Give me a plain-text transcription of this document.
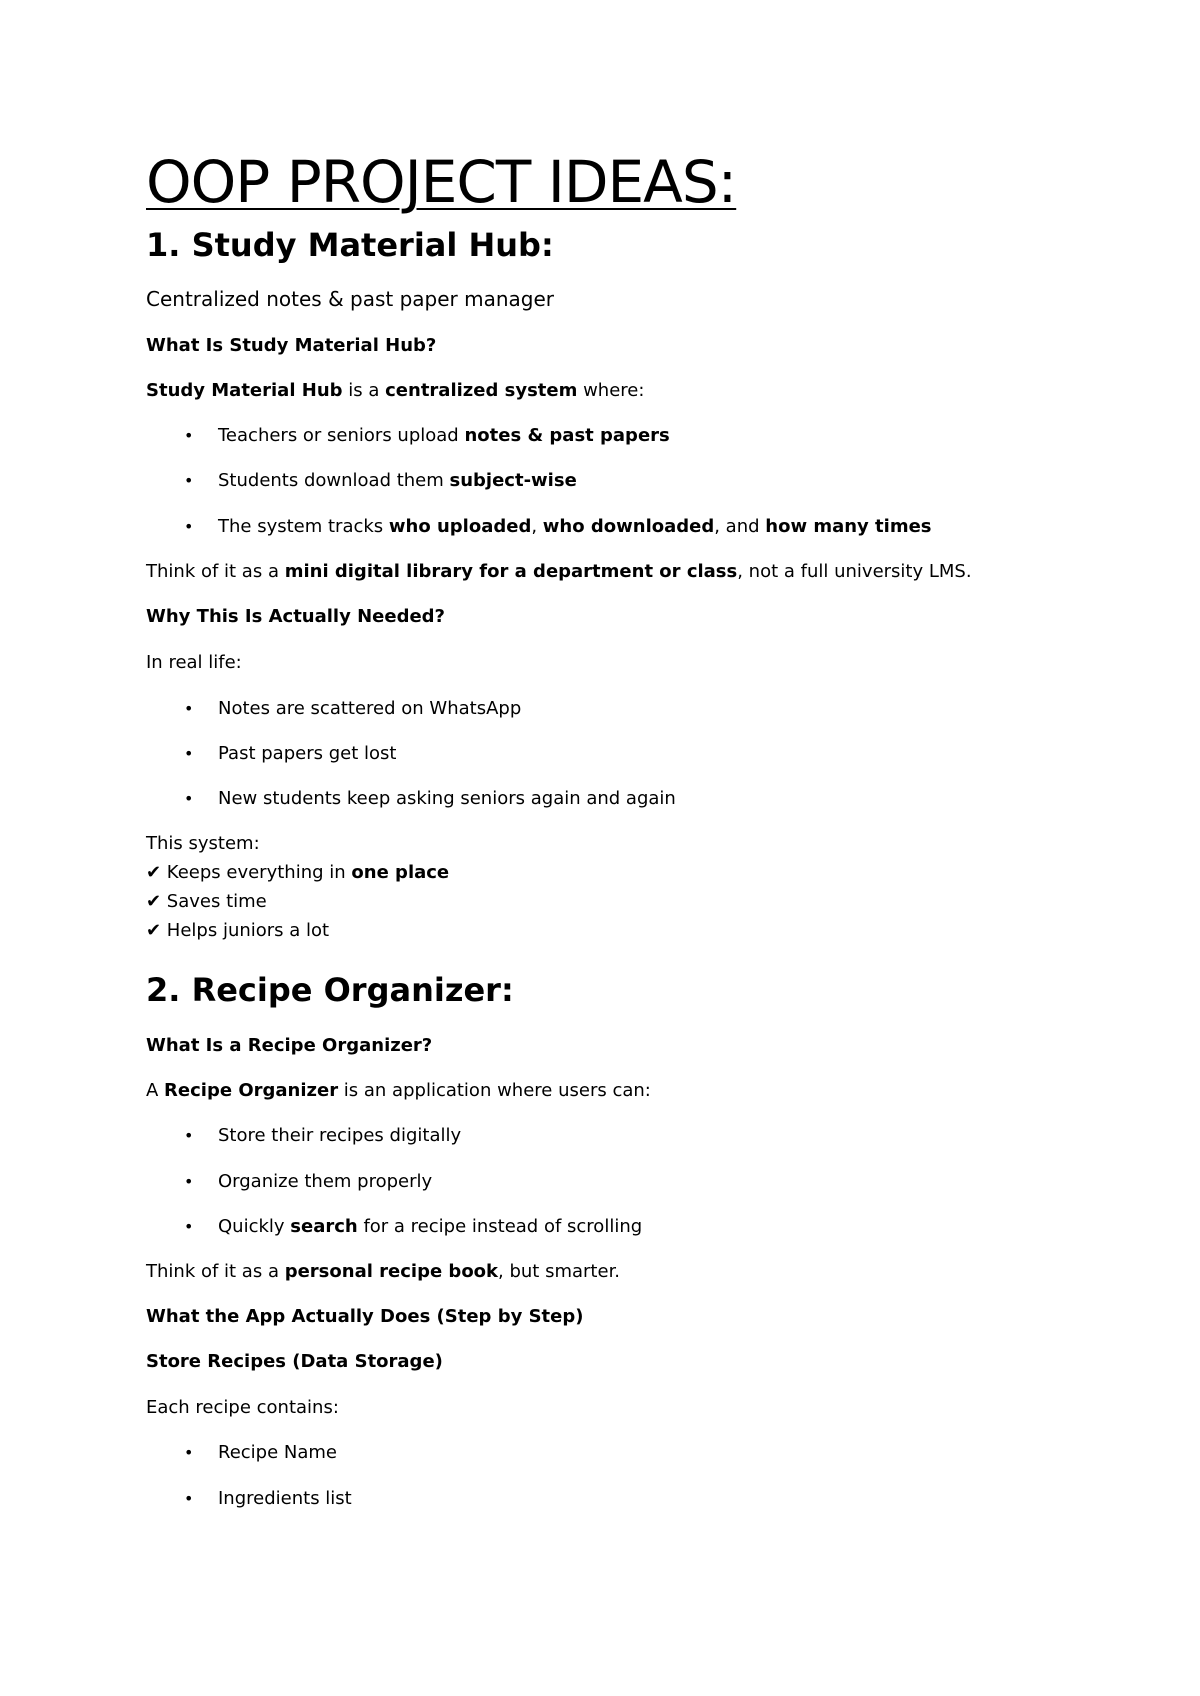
OOP PROJECT IDEAS:
1. Study Material Hub:
Centralized notes & past paper manager
What Is Study Material Hub?
Study Material Hub is a centralized system where:
• Teachers or seniors upload notes & past papers
• Students download them subject-wise
• The system tracks who uploaded, who downloaded, and how many times
Think of it as a mini digital library for a department or class, not a full university LMS.
Why This Is Actually Needed?
In real life:
• Notes are scattered on WhatsApp
• Past papers get lost
• New students keep asking seniors again and again
This system:
✔ Keeps everything in one place
✔ Saves time
✔ Helps juniors a lot
2. Recipe Organizer:
What Is a Recipe Organizer?
A Recipe Organizer is an application where users can:
• Store their recipes digitally
• Organize them properly
• Quickly search for a recipe instead of scrolling
Think of it as a personal recipe book, but smarter.
What the App Actually Does (Step by Step)
Store Recipes (Data Storage)
Each recipe contains:
• Recipe Name
• Ingredients list
